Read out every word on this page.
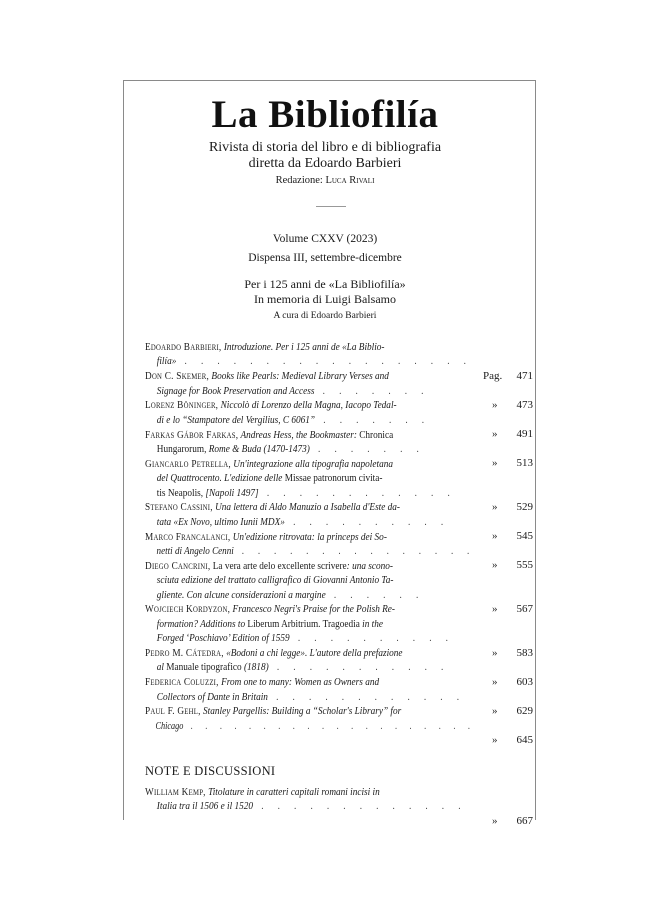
La Bibliofilía
Rivista di storia del libro e di bibliografia
diretta da Edoardo Barbieri
Redazione: Luca Rivali
Volume CXXV (2023)
Dispensa III, settembre-dicembre
Per i 125 anni de «La Bibliofilía»
In memoria di Luigi Balsamo
A cura di Edoardo Barbieri
Edoardo Barbieri, Introduzione. Per i 125 anni de «La Biblio-
filía» . . . . . . . . . . . . . . . . . .
Pag. 471
Don C. Skemer, Books like Pearls: Medieval Library Verses and
Signage for Book Preservation and Access . . . . . . .
» 473
Lorenz Böninger, Niccolò di Lorenzo della Magna, Iacopo Tedal-
di e lo “Stampatore del Vergilius, C 6061” . . . . . . .
» 491
Farkas Gábor Farkas, Andreas Hess, the Bookmaster: Chronica
Hungarorum, Rome & Buda (1470-1473) . . . . . . .
» 513
Giancarlo Petrella, Un'integrazione alla tipografia napoletana
del Quattrocento. L'edizione delle Missae patronorum civita-
tis Neapolis, [Napoli 1497] . . . . . . . . . . . .
» 529
Stefano Cassini, Una lettera di Aldo Manuzio a Isabella d'Este da-
tata «Ex Novo, ultimo Iunii MDX» . . . . . . . . . .
» 545
Marco Francalanci, Un'edizione ritrovata: la princeps dei So-
netti di Angelo Cenni . . . . . . . . . . . . . . .
» 555
Diego Cancrini, La vera arte delo excellente scrivere: una scono-
sciuta edizione del trattato calligrafico di Giovanni Antonio Ta-
gliente. Con alcune considerazioni a margine . . . . . .
» 567
Wojciech Kordyzon, Francesco Negri's Praise for the Polish Re-
formation? Additions to Liberum Arbitrium. Tragoedia in the
Forged ‘Poschiavo’ Edition of 1559 . . . . . . . . . .
» 583
Pedro M. Cátedra, «Bodoni a chi legge». L'autore della prefazione
al Manuale tipografico (1818) . . . . . . . . . . .
» 603
Federica Coluzzi, From one to many: Women as Owners and
Collectors of Dante in Britain . . . . . . . . . . . .
» 629
Paul F. Gehl, Stanley Pargellis: Building a “Scholar's Library” for
Chicago . . . . . . . . . . . . . . . . . . . .
» 645
NOTE E DISCUSSIONI
William Kemp, Titolature in caratteri capitali romani incisi in
Italia tra il 1506 e il 1520 . . . . . . . . . . . . .
» 667
